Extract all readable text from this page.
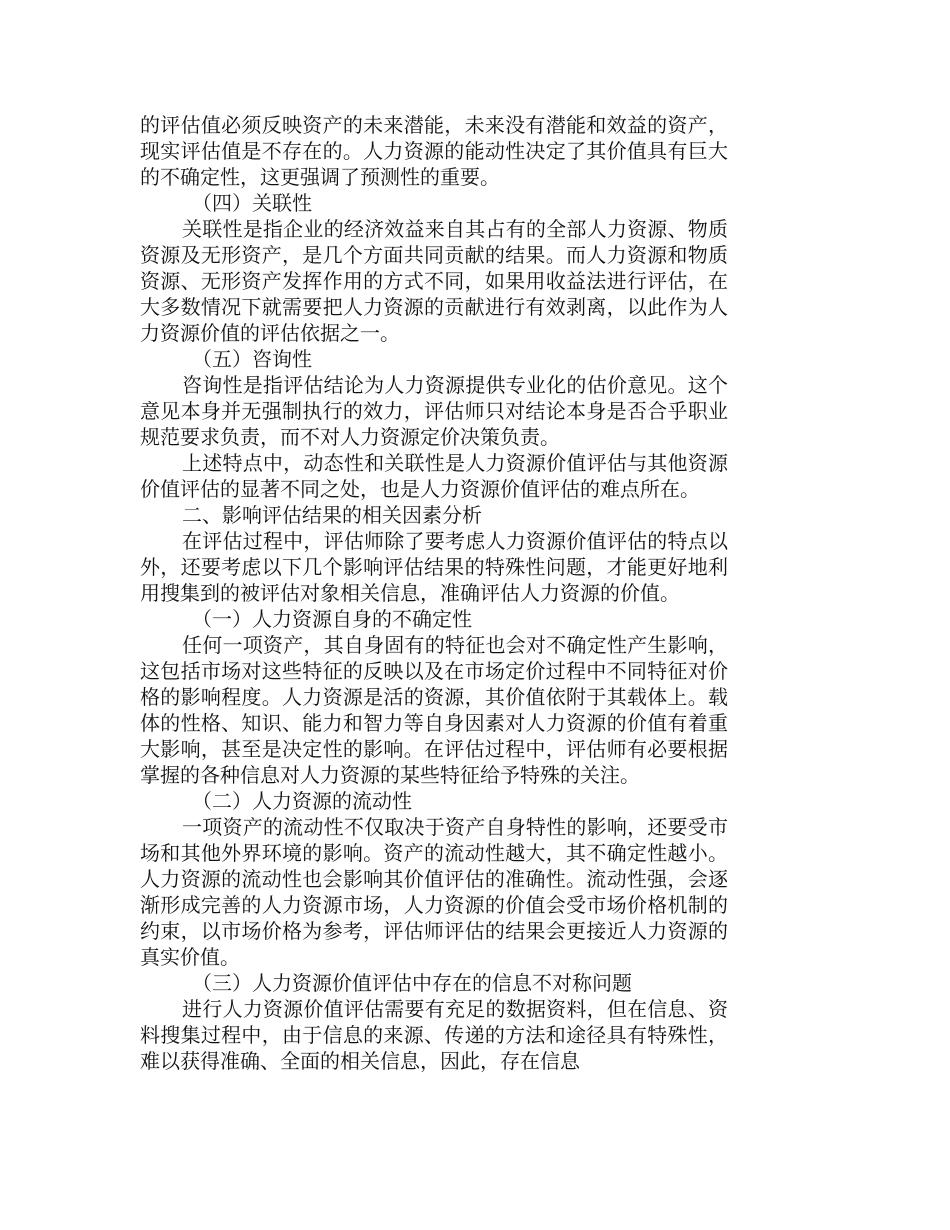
的评估值必须反映资产的未来潜能，未来没有潜能和效益的资产，现实评估值是不存在的。人力资源的能动性决定了其价值具有巨大的不确定性，这更强调了预测性的重要。

（四）关联性

关联性是指企业的经济效益来自其占有的全部人力资源、物质资源及无形资产，是几个方面共同贡献的结果。而人力资源和物质资源、无形资产发挥作用的方式不同，如果用收益法进行评估，在大多数情况下就需要把人力资源的贡献进行有效剥离，以此作为人力资源价值的评估依据之一。

（五）咨询性

咨询性是指评估结论为人力资源提供专业化的估价意见。这个意见本身并无强制执行的效力，评估师只对结论本身是否合乎职业规范要求负责，而不对人力资源定价决策负责。

上述特点中，动态性和关联性是人力资源价值评估与其他资源价值评估的显著不同之处，也是人力资源价值评估的难点所在。

二、影响评估结果的相关因素分析

在评估过程中，评估师除了要考虑人力资源价值评估的特点以外，还要考虑以下几个影响评估结果的特殊性问题，才能更好地利用搜集到的被评估对象相关信息，准确评估人力资源的价值。

（一）人力资源自身的不确定性

任何一项资产，其自身固有的特征也会对不确定性产生影响，这包括市场对这些特征的反映以及在市场定价过程中不同特征对价格的影响程度。人力资源是活的资源，其价值依附于其载体上。载体的性格、知识、能力和智力等自身因素对人力资源的价值有着重大影响，甚至是决定性的影响。在评估过程中，评估师有必要根据掌握的各种信息对人力资源的某些特征给予特殊的关注。

（二）人力资源的流动性

一项资产的流动性不仅取决于资产自身特性的影响，还要受市场和其他外界环境的影响。资产的流动性越大，其不确定性越小。人力资源的流动性也会影响其价值评估的准确性。流动性强，会逐渐形成完善的人力资源市场，人力资源的价值会受市场价格机制的约束，以市场价格为参考，评估师评估的结果会更接近人力资源的真实价值。

（三）人力资源价值评估中存在的信息不对称问题

进行人力资源价值评估需要有充足的数据资料，但在信息、资料搜集过程中，由于信息的来源、传递的方法和途径具有特殊性，难以获得准确、全面的相关信息，因此，存在信息
